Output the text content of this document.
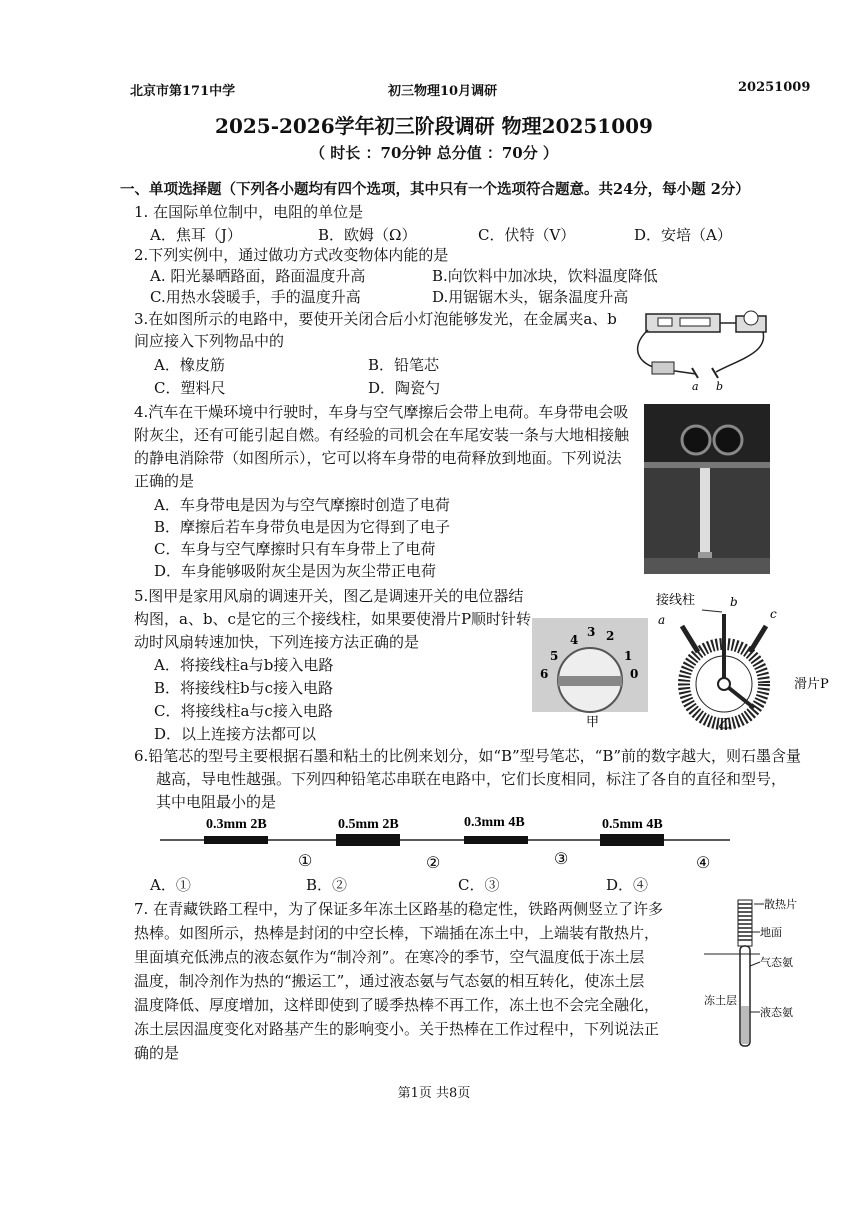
北京市第171中学	初三物理10月调研	20251009
2025-2026学年初三阶段调研 物理20251009
（ 时长 ：70分钟 总分值 ：70分 ）
一、单项选择题（下列各小题均有四个选项，其中只有一个选项符合题意。共24分，每小题 2分）
1. 在国际单位制中，电阻的单位是
A．焦耳（J）	B．欧姆（Ω）	C．伏特（V）	D．安培（A）
2.下列实例中，通过做功方式改变物体内能的是
A. 阳光暴晒路面，路面温度升高	B.向饮料中加冰块，饮料温度降低
C.用热水袋暖手，手的温度升高	D.用锯锯木头，锯条温度升高
3.在如图所示的电路中，要使开关闭合后小灯泡能够发光，在金属夹a、b
间应接入下列物品中的
A．橡皮筋	B．铅笔芯
C．塑料尺	D．陶瓷勺	a b
4.汽车在干燥环境中行驶时，车身与空气摩擦后会带上电荷。车身带电会吸
附灰尘，还有可能引起自燃。有经验的司机会在车尾安装一条与大地相接触
的静电消除带（如图所示），它可以将车身带的电荷释放到地面。下列说法
正确的是
A．车身带电是因为与空气摩擦时创造了电荷
B．摩擦后若车身带负电是因为它得到了电子
C．车身与空气摩擦时只有车身带上了电荷
D．车身能够吸附灰尘是因为灰尘带正电荷
5.图甲是家用风扇的调速开关，图乙是调速开关的电位器结
构图，a、b、c是它的三个接线柱，如果要使滑片P顺时针转
动时风扇转速加快，下列连接方法正确的是
A．将接线柱a与b接入电路
B．将接线柱b与c接入电路
C．将接线柱a与c接入电路
D．以上连接方法都可以
4
3 2
5	1
6	0
甲
接线柱	b
a	c
滑片P
乙
6.铅笔芯的型号主要根据石墨和粘土的比例来划分，如“B”型号笔芯，“B”前的数字越大，则石墨含量
越高，导电性越强。下列四种铅笔芯串联在电路中，它们长度相同，标注了各自的直径和型号，
其中电阻最小的是
0.3mm 2B	0.5mm 2B	0.3mm 4B	0.5mm 4B
①	②	③	④
A．①	B．②	C．③	D．④
7. 在青藏铁路工程中，为了保证多年冻土区路基的稳定性，铁路两侧竖立了许多
热棒。如图所示，热棒是封闭的中空长棒，下端插在冻土中，上端装有散热片，
里面填充低沸点的液态氨作为“制冷剂”。在寒冷的季节，空气温度低于冻土层
温度，制冷剂作为热的“搬运工”，通过液态氨与气态氨的相互转化，使冻土层
温度降低、厚度增加，这样即使到了暖季热棒不再工作，冻土也不会完全融化，
冻土层因温度变化对路基产生的影响变小。关于热棒在工作过程中，下列说法正
确的是
散热片
地面
气态氨
冻土层
液态氨
第1页 共8页
